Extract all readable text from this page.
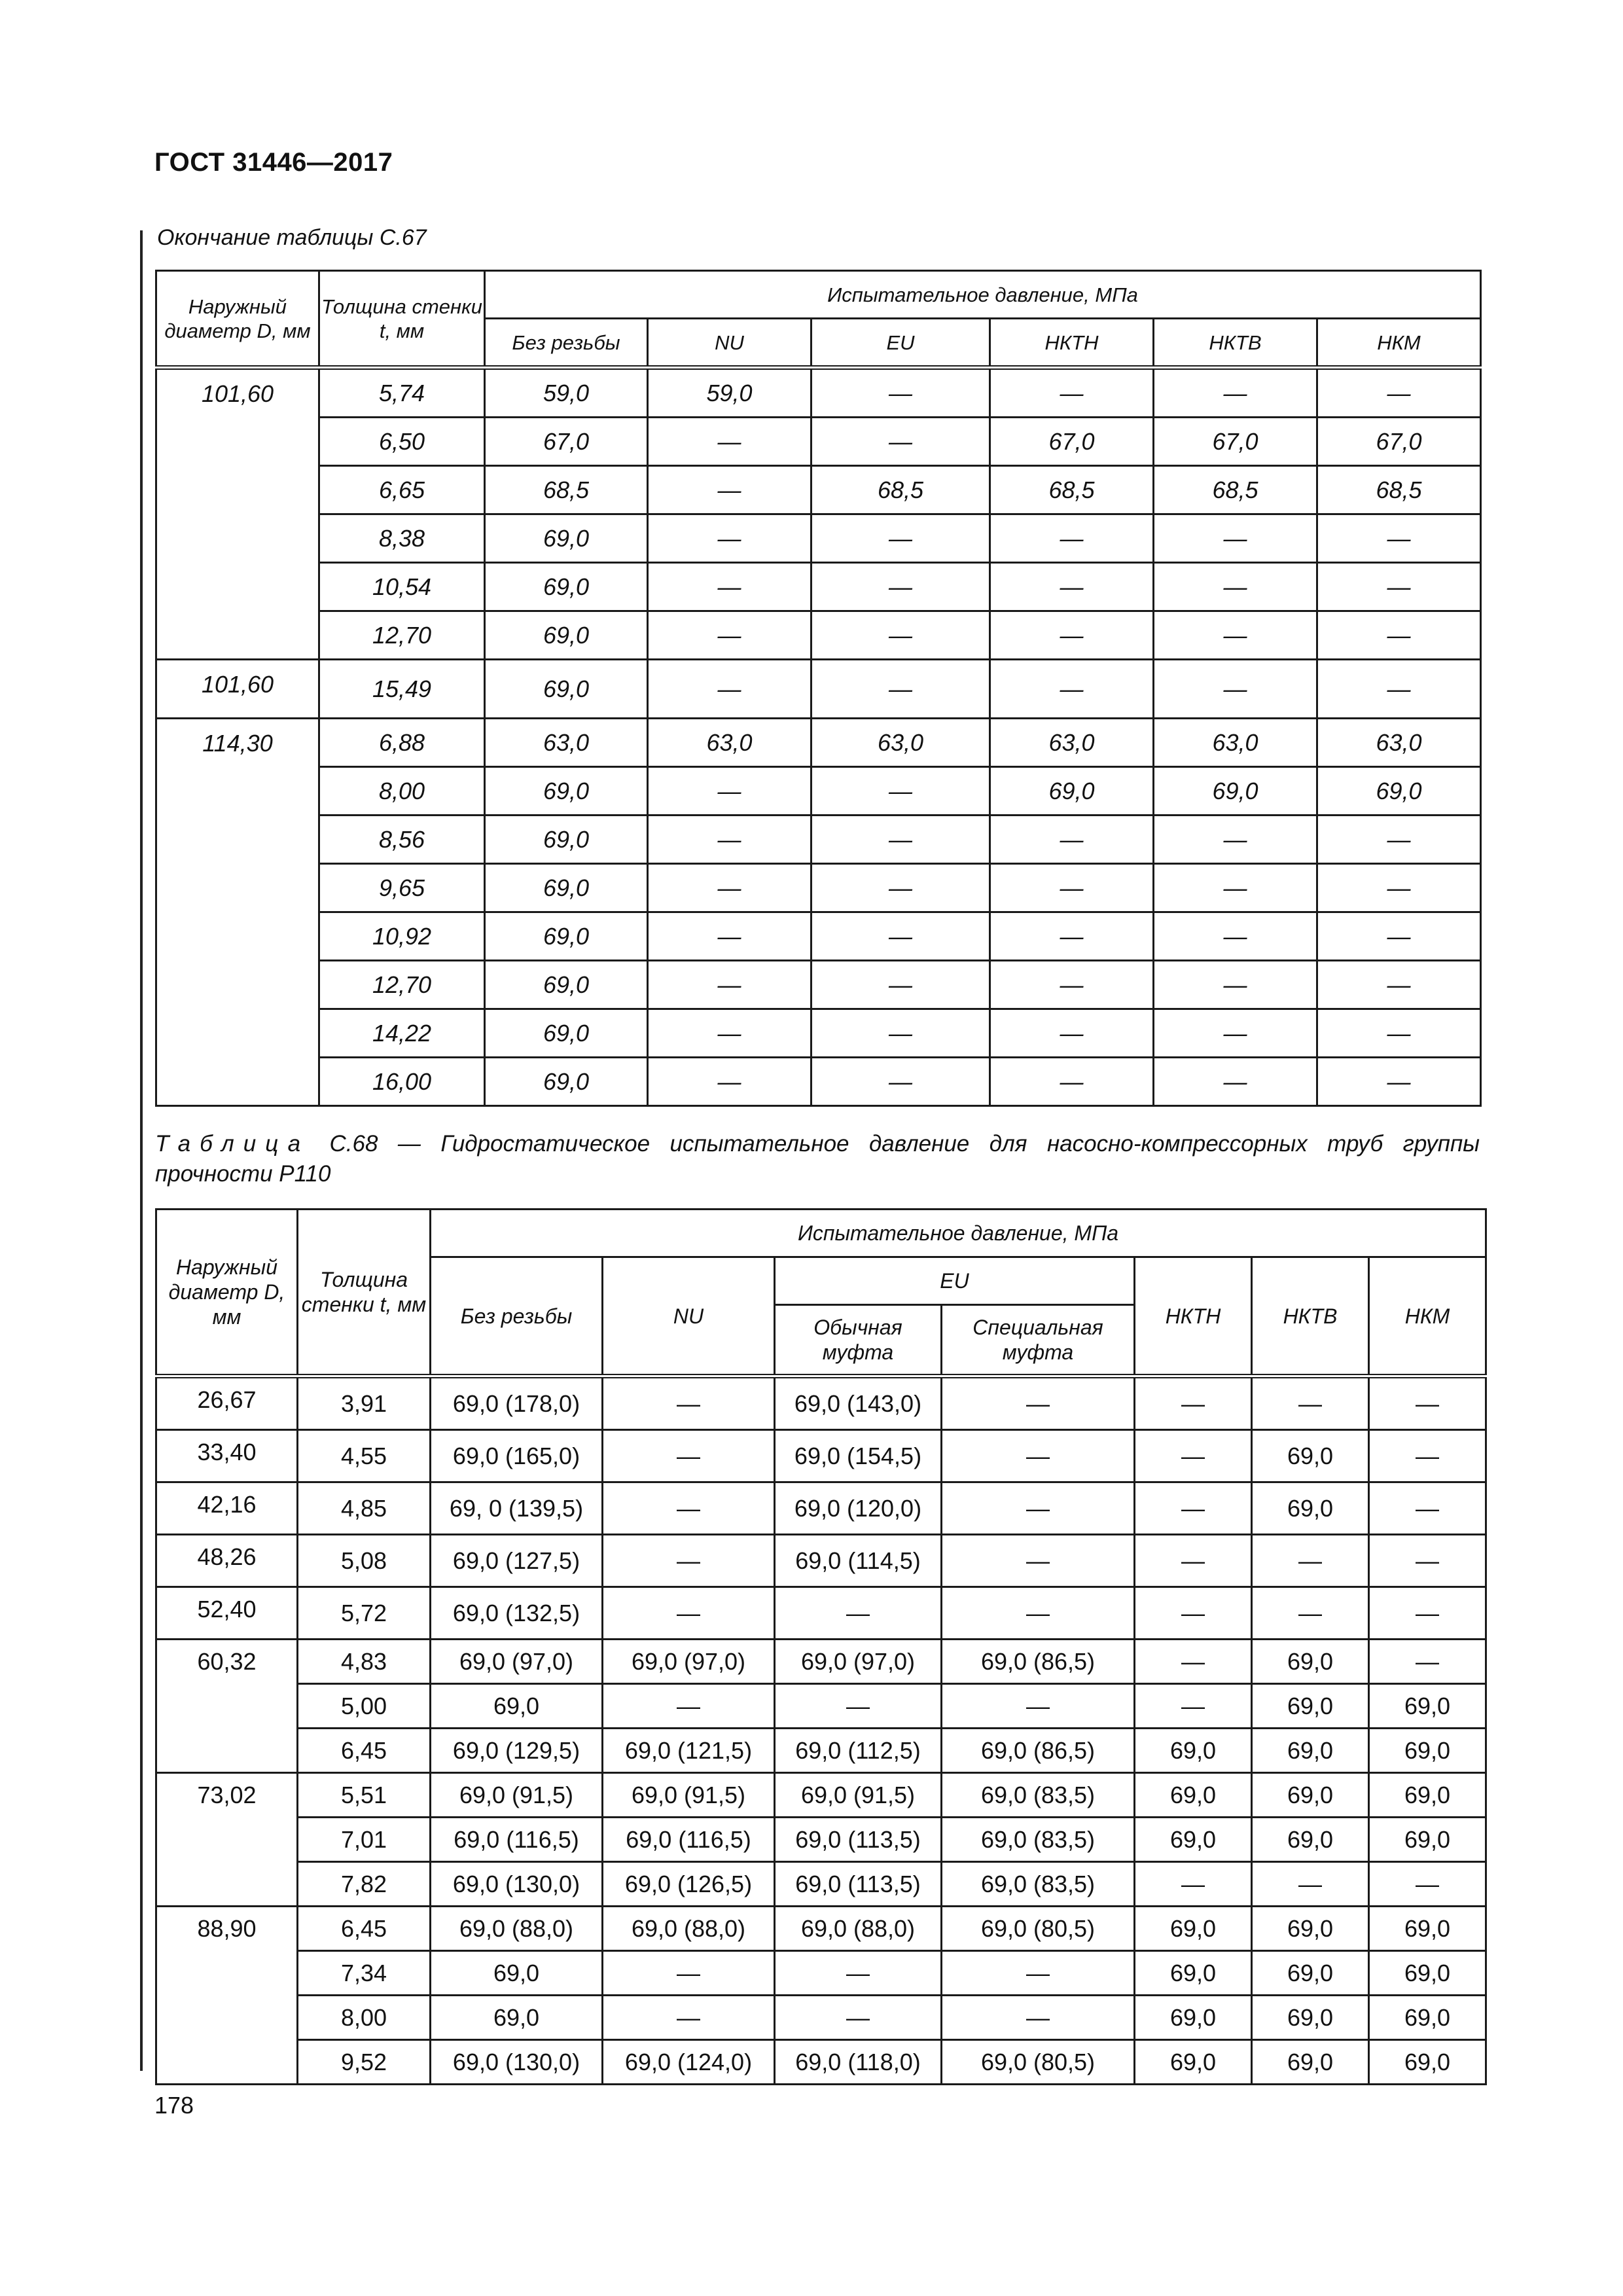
ГОСТ 31446—2017
Окончание таблицы С.67
Наружный диаметр D, мм	Толщина стенки t, мм	Испытательное давление, МПа					
		Без резьбы	NU	EU	НКТН	НКТВ	НКМ
101,60	5,74	59,0	59,0	—	—	—	—
	6,50	67,0	—	—	67,0	67,0	67,0
	6,65	68,5	—	68,5	68,5	68,5	68,5
	8,38	69,0	—	—	—	—	—
	10,54	69,0	—	—	—	—	—
	12,70	69,0	—	—	—	—	—
101,60	15,49	69,0	—	—	—	—	—
114,30	6,88	63,0	63,0	63,0	63,0	63,0	63,0
	8,00	69,0	—	—	69,0	69,0	69,0
	8,56	69,0	—	—	—	—	—
	9,65	69,0	—	—	—	—	—
	10,92	69,0	—	—	—	—	—
	12,70	69,0	—	—	—	—	—
	14,22	69,0	—	—	—	—	—
	16,00	69,0	—	—	—	—	—
Таблица С.68 — Гидростатическое испытательное давление для насосно-компрессорных труб группы прочности Р110
Наружный диаметр D, мм	Толщина стенки t, мм	Испытательное давление, МПа						
		Без резьбы	NU	EU		НКТН	НКТВ	НКМ
				Обычная муфта	Специальная муфта			
26,67	3,91	69,0 (178,0)	—	69,0 (143,0)	—	—	—	—
33,40	4,55	69,0 (165,0)	—	69,0 (154,5)	—	—	69,0	—
42,16	4,85	69, 0 (139,5)	—	69,0 (120,0)	—	—	69,0	—
48,26	5,08	69,0 (127,5)	—	69,0 (114,5)	—	—	—	—
52,40	5,72	69,0 (132,5)	—	—	—	—	—	—
60,32	4,83	69,0 (97,0)	69,0 (97,0)	69,0 (97,0)	69,0 (86,5)	—	69,0	—
	5,00	69,0	—	—	—	—	69,0	69,0
	6,45	69,0 (129,5)	69,0 (121,5)	69,0 (112,5)	69,0 (86,5)	69,0	69,0	69,0
73,02	5,51	69,0 (91,5)	69,0 (91,5)	69,0 (91,5)	69,0 (83,5)	69,0	69,0	69,0
	7,01	69,0 (116,5)	69,0 (116,5)	69,0 (113,5)	69,0 (83,5)	69,0	69,0	69,0
	7,82	69,0 (130,0)	69,0 (126,5)	69,0 (113,5)	69,0 (83,5)	—	—	—
88,90	6,45	69,0 (88,0)	69,0 (88,0)	69,0 (88,0)	69,0 (80,5)	69,0	69,0	69,0
	7,34	69,0	—	—	—	69,0	69,0	69,0
	8,00	69,0	—	—	—	69,0	69,0	69,0
	9,52	69,0 (130,0)	69,0 (124,0)	69,0 (118,0)	69,0 (80,5)	69,0	69,0	69,0
178
